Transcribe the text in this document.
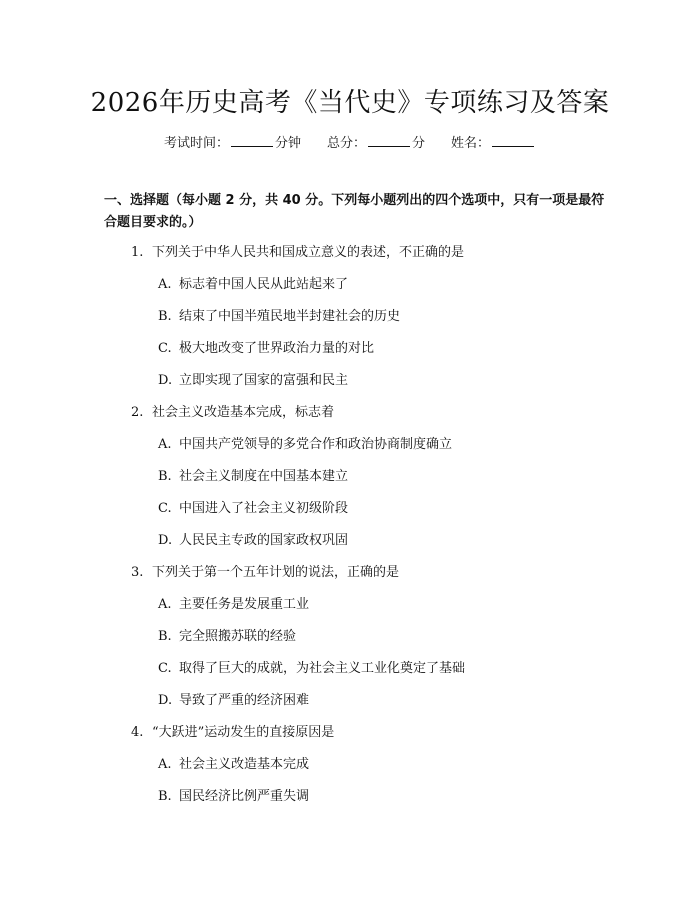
2026年历史高考《当代史》专项练习及答案
考试时间：	分钟 总分：	分 姓名：
一、选择题（每小题 2 分，共 40 分。下列每小题列出的四个选项中，只有一项是最符合题目要求的。）
1. 下列关于中华人民共和国成立意义的表述，不正确的是
A. 标志着中国人民从此站起来了
B. 结束了中国半殖民地半封建社会的历史
C. 极大地改变了世界政治力量的对比
D. 立即实现了国家的富强和民主
2. 社会主义改造基本完成，标志着
A. 中国共产党领导的多党合作和政治协商制度确立
B. 社会主义制度在中国基本建立
C. 中国进入了社会主义初级阶段
D. 人民民主专政的国家政权巩固
3. 下列关于第一个五年计划的说法，正确的是
A. 主要任务是发展重工业
B. 完全照搬苏联的经验
C. 取得了巨大的成就，为社会主义工业化奠定了基础
D. 导致了严重的经济困难
4. “大跃进”运动发生的直接原因是
A. 社会主义改造基本完成
B. 国民经济比例严重失调
